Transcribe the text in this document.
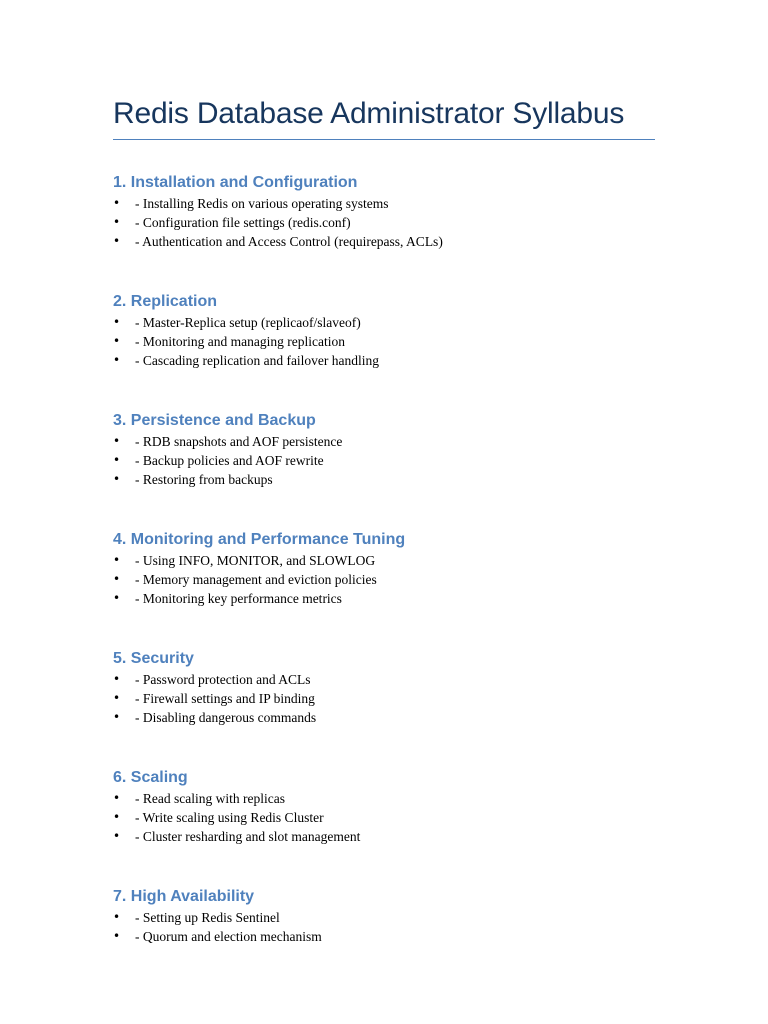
Redis Database Administrator Syllabus
1. Installation and Configuration
• - Installing Redis on various operating systems
• - Configuration file settings (redis.conf)
• - Authentication and Access Control (requirepass, ACLs)
2. Replication
• - Master-Replica setup (replicaof/slaveof)
• - Monitoring and managing replication
• - Cascading replication and failover handling
3. Persistence and Backup
• - RDB snapshots and AOF persistence
• - Backup policies and AOF rewrite
• - Restoring from backups
4. Monitoring and Performance Tuning
• - Using INFO, MONITOR, and SLOWLOG
• - Memory management and eviction policies
• - Monitoring key performance metrics
5. Security
• - Password protection and ACLs
• - Firewall settings and IP binding
• - Disabling dangerous commands
6. Scaling
• - Read scaling with replicas
• - Write scaling using Redis Cluster
• - Cluster resharding and slot management
7. High Availability
• - Setting up Redis Sentinel
• - Quorum and election mechanism
